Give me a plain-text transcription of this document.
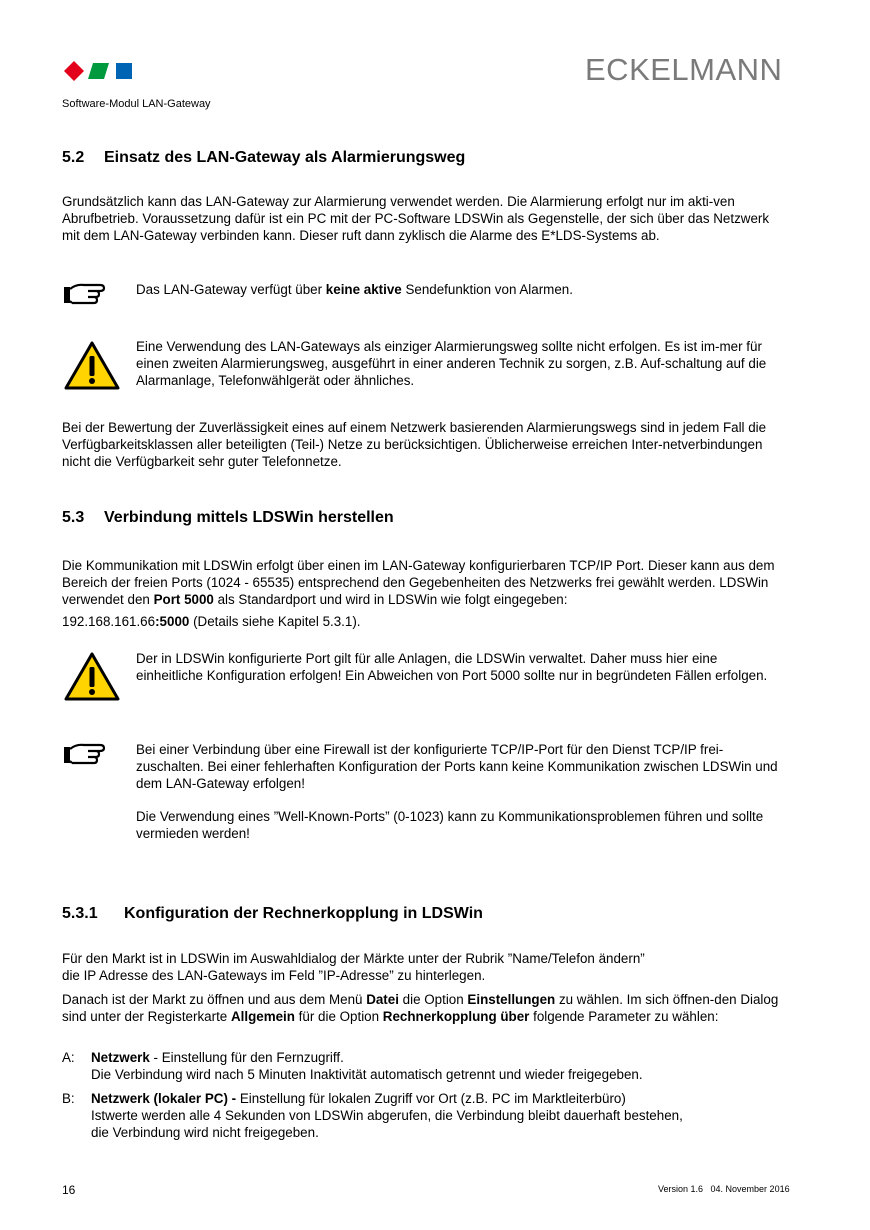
ECKELMANN
Software-Modul LAN-Gateway
5.2 Einsatz des LAN-Gateway als Alarmierungsweg

Grundsätzlich kann das LAN-Gateway zur Alarmierung verwendet werden. Die Alarmierung erfolgt nur im akti-ven Abrufbetrieb. Voraussetzung dafür ist ein PC mit der PC-Software LDSWin als Gegenstelle, der sich über das Netzwerk mit dem LAN-Gateway verbinden kann. Dieser ruft dann zyklisch die Alarme des E*LDS-Systems ab.

Das LAN-Gateway verfügt über keine aktive Sendefunktion von Alarmen.

Eine Verwendung des LAN-Gateways als einziger Alarmierungsweg sollte nicht erfolgen. Es ist im-mer für einen zweiten Alarmierungsweg, ausgeführt in einer anderen Technik zu sorgen, z.B. Auf-schaltung auf die Alarmanlage, Telefonwählgerät oder ähnliches.

Bei der Bewertung der Zuverlässigkeit eines auf einem Netzwerk basierenden Alarmierungswegs sind in jedem Fall die Verfügbarkeitsklassen aller beteiligten (Teil-) Netze zu berücksichtigen. Üblicherweise erreichen Inter-netverbindungen nicht die Verfügbarkeit sehr guter Telefonnetze.

5.3 Verbindung mittels LDSWin herstellen

Die Kommunikation mit LDSWin erfolgt über einen im LAN-Gateway konfigurierbaren TCP/IP Port. Dieser kann aus dem Bereich der freien Ports (1024 - 65535) entsprechend den Gegebenheiten des Netzwerks frei gewählt werden. LDSWin verwendet den Port 5000 als Standardport und wird in LDSWin wie folgt eingegeben:

192.168.161.66:5000 (Details siehe Kapitel 5.3.1).

Der in LDSWin konfigurierte Port gilt für alle Anlagen, die LDSWin verwaltet. Daher muss hier eine einheitliche Konfiguration erfolgen! Ein Abweichen von Port 5000 sollte nur in begründeten Fällen erfolgen.

Bei einer Verbindung über eine Firewall ist der konfigurierte TCP/IP-Port für den Dienst TCP/IP frei-zuschalten. Bei einer fehlerhaften Konfiguration der Ports kann keine Kommunikation zwischen LDSWin und dem LAN-Gateway erfolgen!

Die Verwendung eines ”Well-Known-Ports” (0-1023) kann zu Kommunikationsproblemen führen und sollte vermieden werden!

5.3.1 Konfiguration der Rechnerkopplung in LDSWin

Für den Markt ist in LDSWin im Auswahldialog der Märkte unter der Rubrik ”Name/Telefon ändern”
die IP Adresse des LAN-Gateways im Feld ”IP-Adresse” zu hinterlegen.

Danach ist der Markt zu öffnen und aus dem Menü Datei die Option Einstellungen zu wählen. Im sich öffnen-den Dialog sind unter der Registerkarte Allgemein für die Option Rechnerkopplung über folgende Parameter zu wählen:

A:	Netzwerk - Einstellung für den Fernzugriff.
Die Verbindung wird nach 5 Minuten Inaktivität automatisch getrennt und wieder freigegeben.

B:	Netzwerk (lokaler PC) - Einstellung für lokalen Zugriff vor Ort (z.B. PC im Marktleiterbüro)
Istwerte werden alle 4 Sekunden von LDSWin abgerufen, die Verbindung bleibt dauerhaft bestehen,
die Verbindung wird nicht freigegeben.

16	Version 1.6   04. November 2016
